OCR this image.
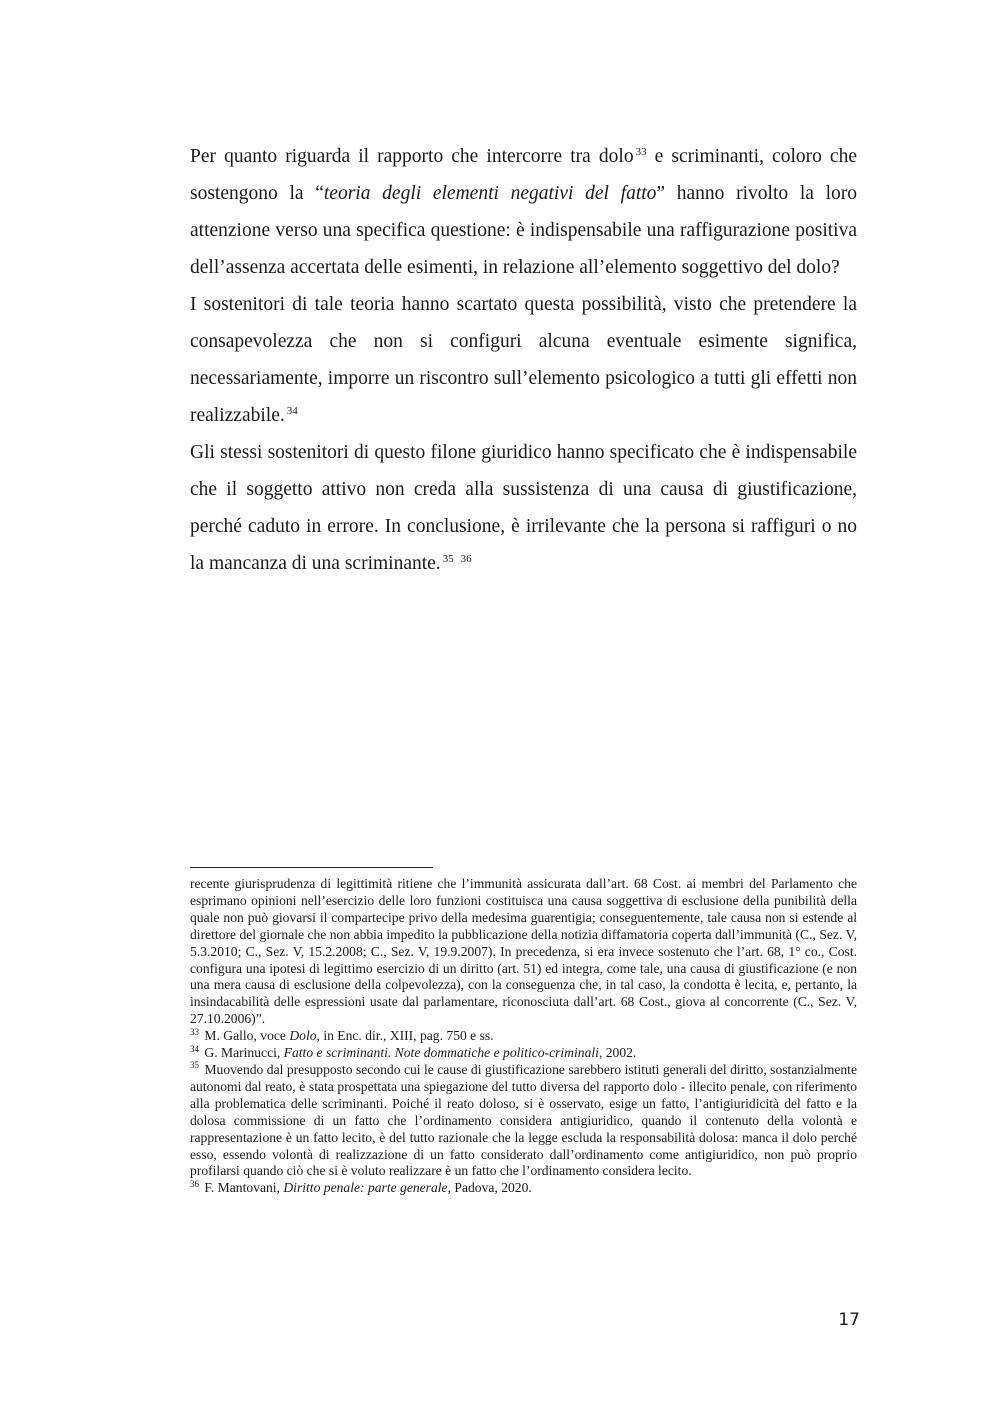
Per quanto riguarda il rapporto che intercorre tra dolo $^{33}$ e scriminanti, coloro che sostengono la “teoria degli elementi negativi del fatto” hanno rivolto la loro attenzione verso una specifica questione: è indispensabile una raffigurazione positiva dell’assenza accertata delle esimenti, in relazione all’elemento soggettivo del dolo?

I sostenitori di tale teoria hanno scartato questa possibilità, visto che pretendere la consapevolezza che non si configuri alcuna eventuale esimente significa, necessariamente, imporre un riscontro sull’elemento psicologico a tutti gli effetti non realizzabile. $^{34}$

Gli stessi sostenitori di questo filone giuridico hanno specificato che è indispensabile che il soggetto attivo non creda alla sussistenza di una causa di giustificazione, perché caduto in errore. In conclusione, è irrilevante che la persona si raffiguri o no la mancanza di una scriminante. $^{35}$ $^{36}$

recente giurisprudenza di legittimità ritiene che l’immunità assicurata dall’art. 68 Cost. ai membri del Parlamento che esprimano opinioni nell’esercizio delle loro funzioni costituisca una causa soggettiva di esclusione della punibilità della quale non può giovarsi il compartecipe privo della medesima guarentigia; conseguentemente, tale causa non si estende al direttore del giornale che non abbia impedito la pubblicazione della notizia diffamatoria coperta dall’immunità (C., Sez. V, 5.3.2010; C., Sez. V, 15.2.2008; C., Sez. V, 19.9.2007). In precedenza, si era invece sostenuto che l’art. 68, 1° co., Cost. configura una ipotesi di legittimo esercizio di un diritto (art. 51) ed integra, come tale, una causa di giustificazione (e non una mera causa di esclusione della colpevolezza), con la conseguenza che, in tal caso, la condotta è lecita, e, pertanto, la insindacabilità delle espressioni usate dal parlamentare, riconosciuta dall’art. 68 Cost., giova al concorrente (C., Sez. V, 27.10.2006)”.

$^{33}$ M. Gallo, voce Dolo, in Enc. dir., XIII, pag. 750 e ss.

$^{34}$ G. Marinucci, Fatto e scriminanti. Note dommatiche e politico-criminali, 2002.

$^{35}$ Muovendo dal presupposto secondo cui le cause di giustificazione sarebbero istituti generali del diritto, sostanzialmente autonomi dal reato, è stata prospettata una spiegazione del tutto diversa del rapporto dolo - illecito penale, con riferimento alla problematica delle scriminanti. Poiché il reato doloso, si è osservato, esige un fatto, l’antigiuridicità del fatto e la dolosa commissione di un fatto che l’ordinamento considera antigiuridico, quando il contenuto della volontà e rappresentazione è un fatto lecito, è del tutto razionale che la legge escluda la responsabilità dolosa: manca il dolo perché esso, essendo volontà di realizzazione di un fatto considerato dall’ordinamento come antigiuridico, non può proprio profilarsi quando ciò che si è voluto realizzare è un fatto che l’ordinamento considera lecito.

$^{36}$ F. Mantovani, Diritto penale: parte generale, Padova, 2020.

17
